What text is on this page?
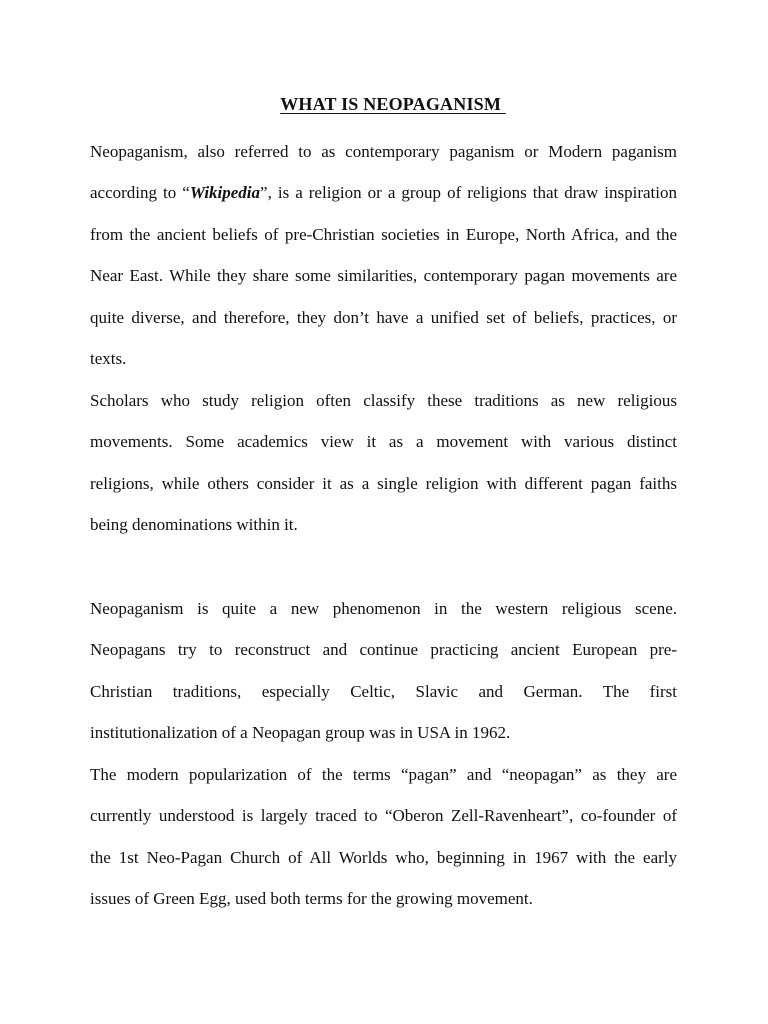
WHAT IS NEOPAGANISM
Neopaganism, also referred to as contemporary paganism or Modern paganism
according to “Wikipedia”, is a religion or a group of religions that draw inspiration
from the ancient beliefs of pre-Christian societies in Europe, North Africa, and the
Near East. While they share some similarities, contemporary pagan movements are
quite diverse, and therefore, they don’t have a unified set of beliefs, practices, or
texts.
Scholars who study religion often classify these traditions as new religious
movements. Some academics view it as a movement with various distinct
religions, while others consider it as a single religion with different pagan faiths
being denominations within it.
Neopaganism is quite a new phenomenon in the western religious scene.
Neopagans try to reconstruct and continue practicing ancient European pre-
Christian traditions, especially Celtic, Slavic and German. The first
institutionalization of a Neopagan group was in USA in 1962.
The modern popularization of the terms “pagan” and “neopagan” as they are
currently understood is largely traced to “Oberon Zell-Ravenheart”, co-founder of
the 1st Neo-Pagan Church of All Worlds who, beginning in 1967 with the early
issues of Green Egg, used both terms for the growing movement.
